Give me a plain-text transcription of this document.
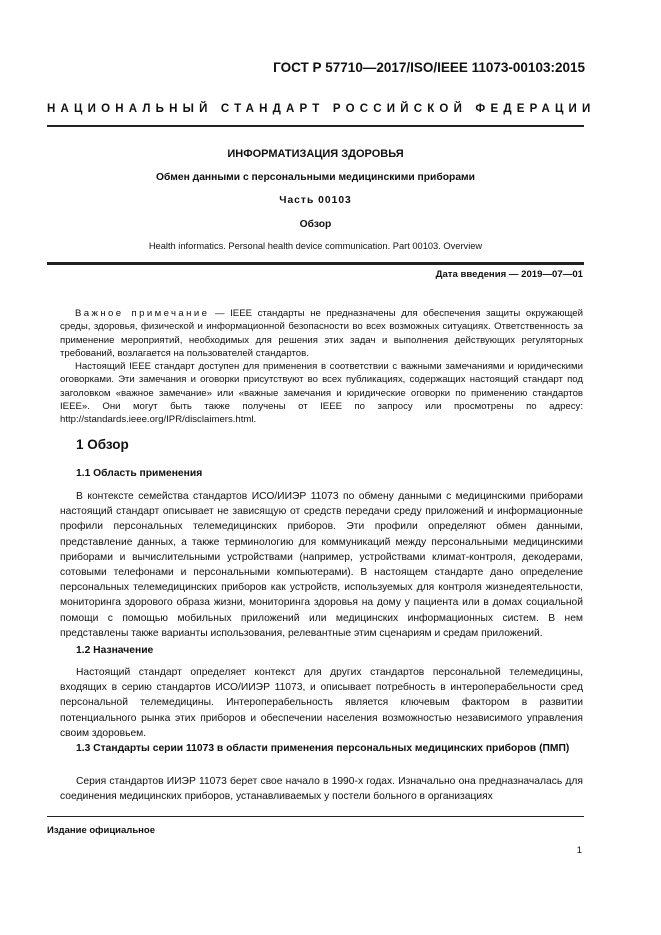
ГОСТ Р 57710—2017/ISO/IEEE 11073-00103:2015
НАЦИОНАЛЬНЫЙ СТАНДАРТ РОССИЙСКОЙ ФЕДЕРАЦИИ
ИНФОРМАТИЗАЦИЯ ЗДОРОВЬЯ
Обмен данными с персональными медицинскими приборами
Часть 00103
Обзор
Health informatics. Personal health device communication. Part 00103. Overview
Дата введения — 2019—07—01
Важное примечание — IEEE стандарты не предназначены для обеспечения защиты окружающей среды, здоровья, физической и информационной безопасности во всех возможных ситуациях. Ответственность за применение мероприятий, необходимых для решения этих задач и выполнения действующих регуляторных требований, возлагается на пользователей стандартов.
Настоящий IEEE стандарт доступен для применения в соответствии с важными замечаниями и юридическими оговорками. Эти замечания и оговорки присутствуют во всех публикациях, содержащих настоящий стандарт под заголовком «важное замечание» или «важные замечания и юридические оговорки по применению стандартов IEEE». Они могут быть также получены от IEEE по запросу или просмотрены по адресу: http://standards.ieee.org/IPR/disclaimers.html.
1 Обзор
1.1 Область применения
В контексте семейства стандартов ИСО/ИИЭР 11073 по обмену данными с медицинскими приборами настоящий стандарт описывает не зависящую от средств передачи среду приложений и информационные профили персональных телемедицинских приборов. Эти профили определяют обмен данными, представление данных, а также терминологию для коммуникаций между персональными медицинскими приборами и вычислительными устройствами (например, устройствами климат-контроля, декодерами, сотовыми телефонами и персональными компьютерами). В настоящем стандарте дано определение персональных телемедицинских приборов как устройств, используемых для контроля жизнедеятельности, мониторинга здорового образа жизни, мониторинга здоровья на дому у пациента или в домах социальной помощи с помощью мобильных приложений или медицинских информационных систем. В нем представлены также варианты использования, релевантные этим сценариям и средам приложений.
1.2 Назначение
Настоящий стандарт определяет контекст для других стандартов персональной телемедицины, входящих в серию стандартов ИСО/ИИЭР 11073, и описывает потребность в интероперабельности сред персональной телемедицины. Интероперабельность является ключевым фактором в развитии потенциального рынка этих приборов и обеспечении населения возможностью независимого управления своим здоровьем.
1.3 Стандарты серии 11073 в области применения персональных медицинских приборов (ПМП)
Серия стандартов ИИЭР 11073 берет свое начало в 1990-х годах. Изначально она предназначалась для соединения медицинских приборов, устанавливаемых у постели больного в организациях
Издание официальное
1
